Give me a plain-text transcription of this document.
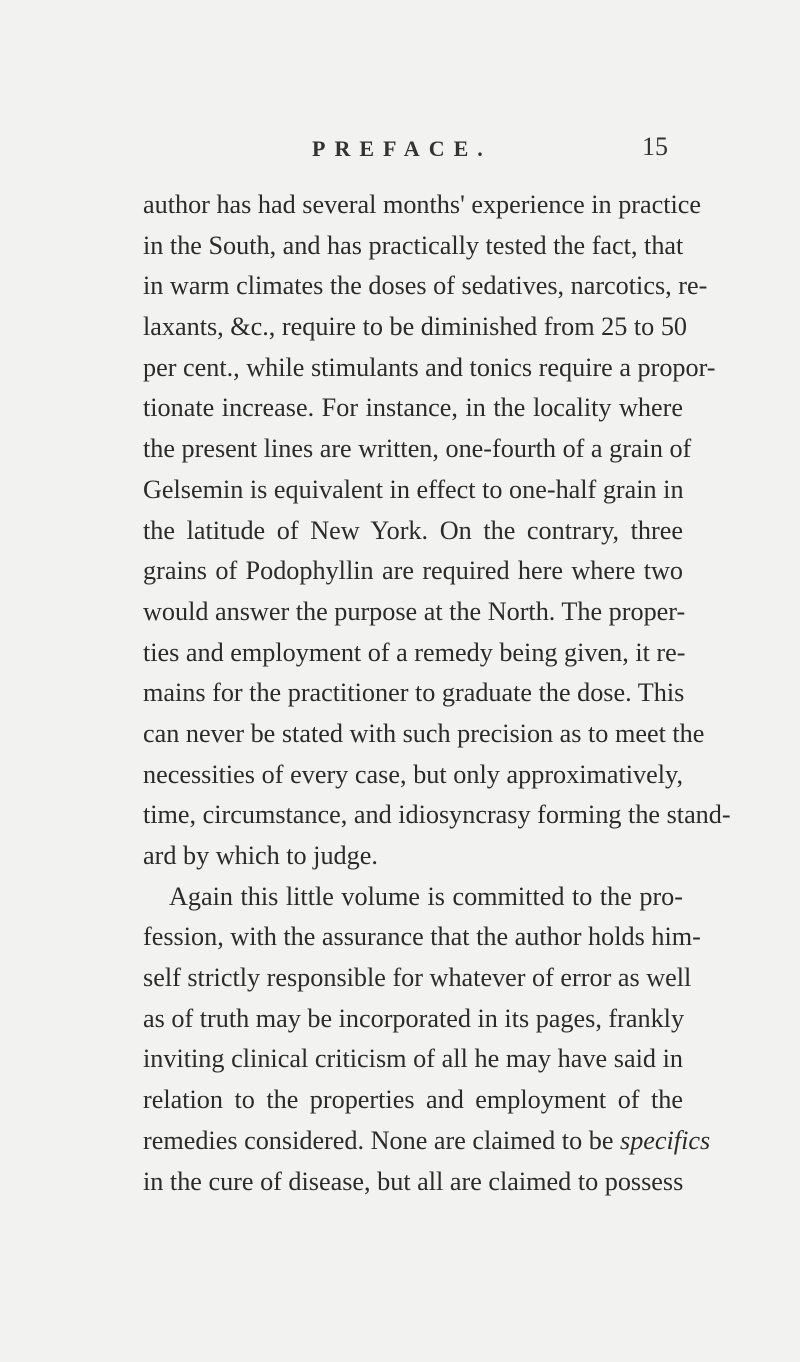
PREFACE.	15
author has had several months' experience in practice
in the South, and has practically tested the fact, that
in warm climates the doses of sedatives, narcotics, re-
laxants, &c., require to be diminished from 25 to 50
per cent., while stimulants and tonics require a propor-
tionate increase. For instance, in the locality where
the present lines are written, one-fourth of a grain of
Gelsemin is equivalent in effect to one-half grain in
the latitude of New York. On the contrary, three
grains of Podophyllin are required here where two
would answer the purpose at the North. The proper-
ties and employment of a remedy being given, it re-
mains for the practitioner to graduate the dose. This
can never be stated with such precision as to meet the
necessities of every case, but only approximatively,
time, circumstance, and idiosyncrasy forming the stand-
ard by which to judge.
Again this little volume is committed to the pro-
fession, with the assurance that the author holds him-
self strictly responsible for whatever of error as well
as of truth may be incorporated in its pages, frankly
inviting clinical criticism of all he may have said in
relation to the properties and employment of the
remedies considered. None are claimed to be specifics
in the cure of disease, but all are claimed to possess
